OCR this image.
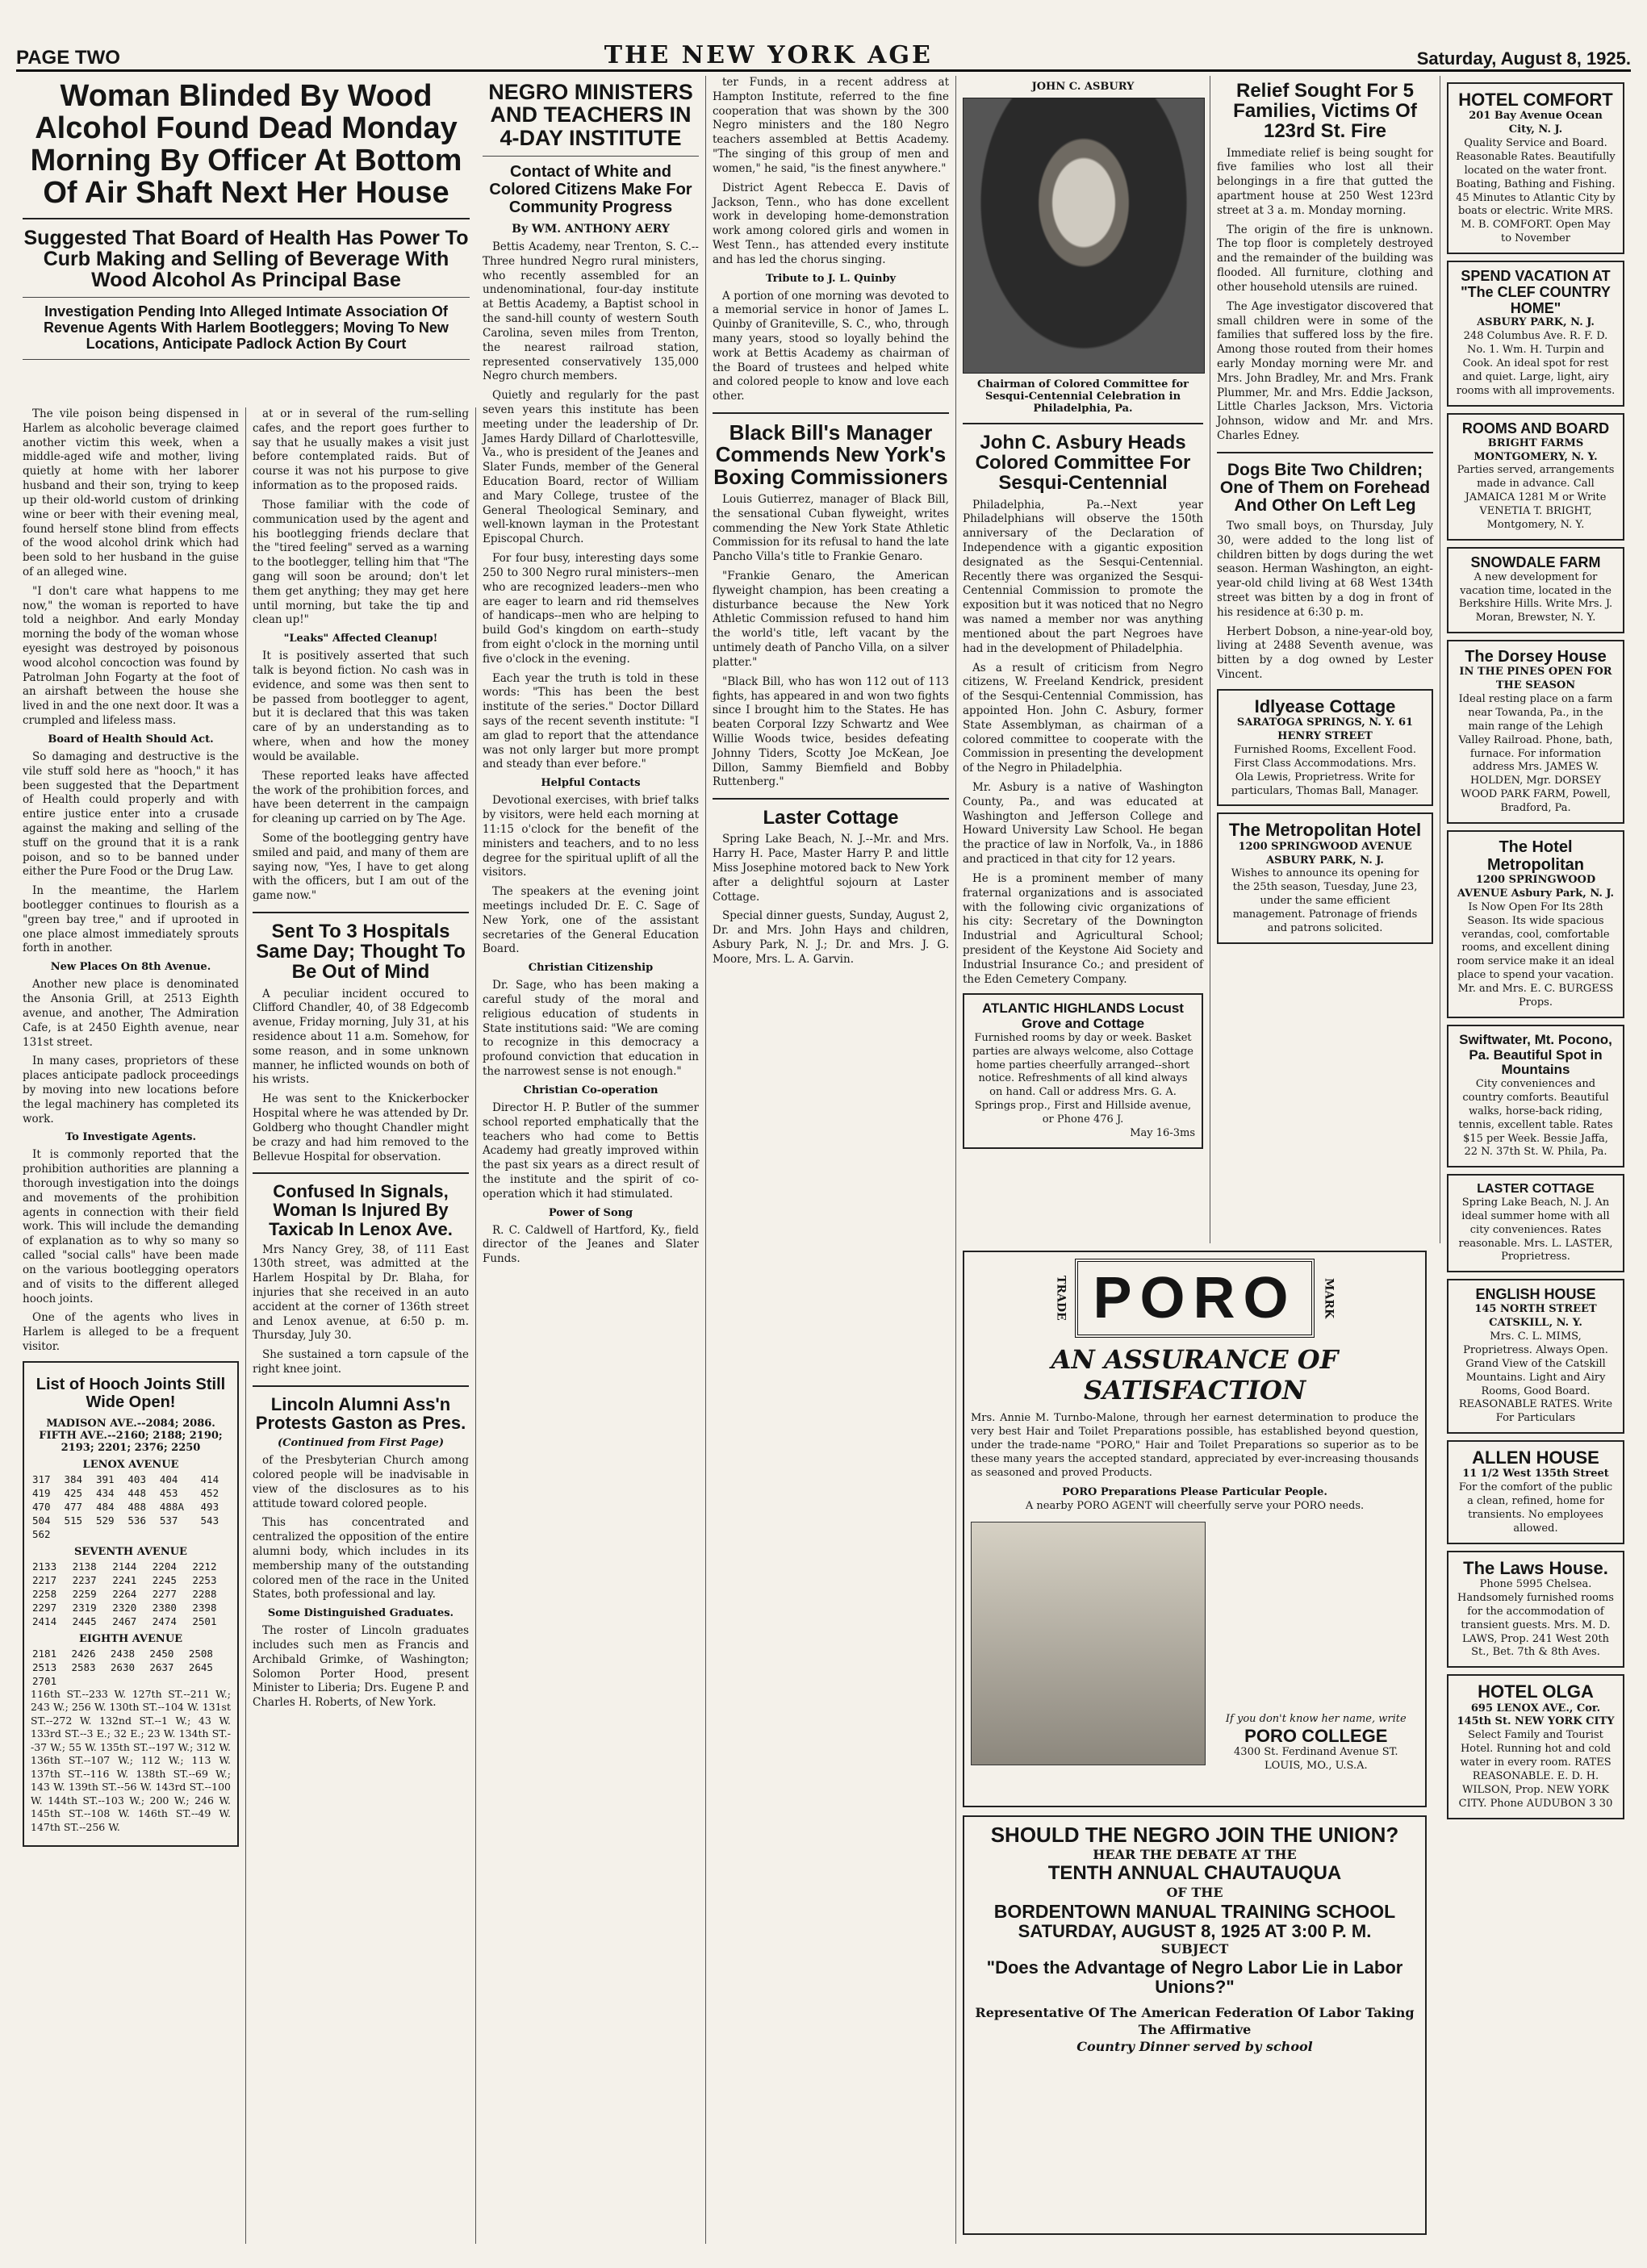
PAGE TWO	THE NEW YORK AGE	Saturday, August 8, 1925.
Woman Blinded By Wood Alcohol Found Dead Monday Morning By Officer At Bottom Of Air Shaft Next Her House
Suggested That Board of Health Has Power To Curb Making and Selling of Beverage With Wood Alcohol As Principal Base
Investigation Pending Into Alleged Intimate Association Of Revenue Agents With Harlem Bootleggers; Moving To New Locations, Anticipate Padlock Action By Court

The vile poison being dispensed in Harlem as alcoholic beverage claimed another victim this week, when a middle-aged wife and mother, living quietly at home with her laborer husband and their son, trying to keep up their old-world custom of drinking wine or beer with their evening meal, found herself stone blind from effects of the wood alcohol drink which had been sold to her husband in the guise of an alleged wine.

"I don't care what happens to me now," the woman is reported to have told a neighbor. And early Monday morning the body of the woman whose eyesight was destroyed by poisonous wood alcohol concoction was found by Patrolman John Fogarty at the foot of an airshaft between the house she lived in and the one next door. It was a crumpled and lifeless mass.

Board of Health Should Act.

So damaging and destructive is the vile stuff sold here as "hooch," it has been suggested that the Department of Health could properly and with entire justice enter into a crusade against the making and selling of the stuff on the ground that it is a rank poison, and so to be banned under either the Pure Food or the Drug Law.

In the meantime, the Harlem bootlegger continues to flourish as a "green bay tree," and if uprooted in one place almost immediately sprouts forth in another.

New Places On 8th Avenue.

Another new place is denominated the Ansonia Grill, at 2513 Eighth avenue, and another, The Admiration Cafe, is at 2450 Eighth avenue, near 131st street.

In many cases, proprietors of these places anticipate padlock proceedings by moving into new locations before the legal machinery has completed its work.

To Investigate Agents.

It is commonly reported that the prohibition authorities are planning a thorough investigation into the doings and movements of the prohibition agents in connection with their field work. This will include the demanding of explanation as to why so many so called "social calls" have been made on the various bootlegging operators and of visits to the different alleged hooch joints.

One of the agents who lives in Harlem is alleged to be a frequent visitor.

List of Hooch Joints Still Wide Open!
MADISON AVE.--2084; 2086. FIFTH AVE.--2160; 2188; 2190; 2193; 2201; 2376; 2250
LENOX AVENUE
317	384	391	403	404	414
419	425	434	448	453	452
470	477	484	488	488A	493
504	515	529	536	537	543
562					
SEVENTH AVENUE
2133	2138	2144	2204	2212
2217	2237	2241	2245	2253
2258	2259	2264	2277	2288
2297	2319	2320	2380	2398
2414	2445	2467	2474	2501
EIGHTH AVENUE
2181	2426	2438	2450	2508	
2513	2583	2630	2637	2645	
2701					

116th ST.--233 W. 127th ST.--211 W.; 243 W.; 256 W. 130th ST.--104 W. 131st ST.--272 W. 132nd ST.--1 W.; 43 W. 133rd ST.--3 E.; 32 E.; 23 W. 134th ST.--37 W.; 55 W. 135th ST.--197 W.; 312 W. 136th ST.--107 W.; 112 W.; 113 W. 137th ST.--116 W. 138th ST.--69 W.; 143 W. 139th ST.--56 W. 143rd ST.--100 W. 144th ST.--103 W.; 200 W.; 246 W. 145th ST.--108 W. 146th ST.--49 W. 147th ST.--256 W.

at or in several of the rum-selling cafes, and the report goes further to say that he usually makes a visit just before contemplated raids. But of course it was not his purpose to give information as to the proposed raids.

Those familiar with the code of communication used by the agent and his bootlegging friends declare that the "tired feeling" served as a warning to the bootlegger, telling him that "The gang will soon be around; don't let them get anything; they may get here until morning, but take the tip and clean up!"

"Leaks" Affected Cleanup!

It is positively asserted that such talk is beyond fiction. No cash was in evidence, and some was then sent to be passed from bootlegger to agent, but it is declared that this was taken care of by an understanding as to where, when and how the money would be available.

These reported leaks have affected the work of the prohibition forces, and have been deterrent in the campaign for cleaning up carried on by The Age.

Some of the bootlegging gentry have smiled and paid, and many of them are saying now, "Yes, I have to get along with the officers, but I am out of the game now."

Sent To 3 Hospitals Same Day; Thought To Be Out of Mind

A peculiar incident occured to Clifford Chandler, 40, of 38 Edgecomb avenue, Friday morning, July 31, at his residence about 11 a.m. Somehow, for some reason, and in some unknown manner, he inflicted wounds on both of his wrists.

He was sent to the Knickerbocker Hospital where he was attended by Dr. Goldberg who thought Chandler might be crazy and had him removed to the Bellevue Hospital for observation.

Confused In Signals, Woman Is Injured By Taxicab In Lenox Ave.

Mrs Nancy Grey, 38, of 111 East 130th street, was admitted at the Harlem Hospital by Dr. Blaha, for injuries that she received in an auto accident at the corner of 136th street and Lenox avenue, at 6:50 p. m. Thursday, July 30.

She sustained a torn capsule of the right knee joint.

Lincoln Alumni Ass'n Protests Gaston as Pres.
(Continued from First Page)

of the Presbyterian Church among colored people will be inadvisable in view of the disclosures as to his attitude toward colored people.

This has concentrated and centralized the opposition of the entire alumni body, which includes in its membership many of the outstanding colored men of the race in the United States, both professional and lay.

Some Distinguished Graduates.

The roster of Lincoln graduates includes such men as Francis and Archibald Grimke, of Washington; Solomon Porter Hood, present Minister to Liberia; Drs. Eugene P. and Charles H. Roberts, of New York.

NEGRO MINISTERS AND TEACHERS IN 4-DAY INSTITUTE
Contact of White and Colored Citizens Make For Community Progress
By WM. ANTHONY AERY

Bettis Academy, near Trenton, S. C.--Three hundred Negro rural ministers, who recently assembled for an undenominational, four-day institute at Bettis Academy, a Baptist school in the sand-hill county of western South Carolina, seven miles from Trenton, the nearest railroad station, represented conservatively 135,000 Negro church members.

Quietly and regularly for the past seven years this institute has been meeting under the leadership of Dr. James Hardy Dillard of Charlottesville, Va., who is president of the Jeanes and Slater Funds, member of the General Education Board, rector of William and Mary College, trustee of the General Theological Seminary, and well-known layman in the Protestant Episcopal Church.

For four busy, interesting days some 250 to 300 Negro rural ministers--men who are recognized leaders--men who are eager to learn and rid themselves of handicaps--men who are helping to build God's kingdom on earth--study from eight o'clock in the morning until five o'clock in the evening.

Each year the truth is told in these words: "This has been the best institute of the series." Doctor Dillard says of the recent seventh institute: "I am glad to report that the attendance was not only larger but more prompt and steady than ever before."

Helpful Contacts

Devotional exercises, with brief talks by visitors, were held each morning at 11:15 o'clock for the benefit of the ministers and teachers, and to no less degree for the spiritual uplift of all the visitors.

The speakers at the evening joint meetings included Dr. E. C. Sage of New York, one of the assistant secretaries of the General Education Board.

Christian Citizenship

Dr. Sage, who has been making a careful study of the moral and religious education of students in State institutions said: "We are coming to recognize in this democracy a profound conviction that education in the narrowest sense is not enough."

Christian Co-operation

Director H. P. Butler of the summer school reported emphatically that the teachers who had come to Bettis Academy had greatly improved within the past six years as a direct result of the institute and the spirit of co-operation which it had stimulated.

Power of Song

R. C. Caldwell of Hartford, Ky., field director of the Jeanes and Slater Funds.

ter Funds, in a recent address at Hampton Institute, referred to the fine cooperation that was shown by the 300 Negro ministers and the 180 Negro teachers assembled at Bettis Academy. "The singing of this group of men and women," he said, "is the finest anywhere."

District Agent Rebecca E. Davis of Jackson, Tenn., who has done excellent work in developing home-demonstration work among colored girls and women in West Tenn., has attended every institute and has led the chorus singing.

Tribute to J. L. Quinby

A portion of one morning was devoted to a memorial service in honor of James L. Quinby of Graniteville, S. C., who, through many years, stood so loyally behind the work at Bettis Academy as chairman of the Board of trustees and helped white and colored people to know and love each other.

Black Bill's Manager Commends New York's Boxing Commissioners

Louis Gutierrez, manager of Black Bill, the sensational Cuban flyweight, writes commending the New York State Athletic Commission for its refusal to hand the late Pancho Villa's title to Frankie Genaro.

"Frankie Genaro, the American flyweight champion, has been creating a disturbance because the New York Athletic Commission refused to hand him the world's title, left vacant by the untimely death of Pancho Villa, on a silver platter."

"Black Bill, who has won 112 out of 113 fights, has appeared in and won two fights since I brought him to the States. He has beaten Corporal Izzy Schwartz and Wee Willie Woods twice, besides defeating Johnny Tiders, Scotty Joe McKean, Joe Dillon, Sammy Biemfield and Bobby Ruttenberg."

Laster Cottage

Spring Lake Beach, N. J.--Mr. and Mrs. Harry H. Pace, Master Harry P. and little Miss Josephine motored back to New York after a delightful sojourn at Laster Cottage.

Special dinner guests, Sunday, August 2, Dr. and Mrs. John Hays and children, Asbury Park, N. J.; Dr. and Mrs. J. G. Moore, Mrs. L. A. Garvin.

JOHN C. ASBURY
Chairman of Colored Committee for Sesqui-Centennial Celebration in Philadelphia, Pa.
John C. Asbury Heads Colored Committee For Sesqui-Centennial

Philadelphia, Pa.--Next year Philadelphians will observe the 150th anniversary of the Declaration of Independence with a gigantic exposition designated as the Sesqui-Centennial. Recently there was organized the Sesqui-Centennial Commission to promote the exposition but it was noticed that no Negro was named a member nor was anything mentioned about the part Negroes have had in the development of Philadelphia.

As a result of criticism from Negro citizens, W. Freeland Kendrick, president of the Sesqui-Centennial Commission, has appointed Hon. John C. Asbury, former State Assemblyman, as chairman of a colored committee to cooperate with the Commission in presenting the development of the Negro in Philadelphia.

Mr. Asbury is a native of Washington County, Pa., and was educated at Washington and Jefferson College and Howard University Law School. He began the practice of law in Norfolk, Va., in 1886 and practiced in that city for 12 years.

He is a prominent member of many fraternal organizations and is associated with the following civic organizations of his city: Secretary of the Downington Industrial and Agricultural School; president of the Keystone Aid Society and Industrial Insurance Co.; and president of the Eden Cemetery Company.

ATLANTIC HIGHLANDS Locust Grove and Cottage
Furnished rooms by day or week. Basket parties are always welcome, also Cottage home parties cheerfully arranged--short notice. Refreshments of all kind always on hand. Call or address Mrs. G. A. Springs prop., First and Hillside avenue, or Phone 476 J.
May 16-3ms
Relief Sought For 5 Families, Victims Of 123rd St. Fire

Immediate relief is being sought for five families who lost all their belongings in a fire that gutted the apartment house at 250 West 123rd street at 3 a. m. Monday morning.

The origin of the fire is unknown. The top floor is completely destroyed and the remainder of the building was flooded. All furniture, clothing and other household utensils are ruined.

The Age investigator discovered that small children were in some of the families that suffered loss by the fire. Among those routed from their homes early Monday morning were Mr. and Mrs. John Bradley, Mr. and Mrs. Frank Plummer, Mr. and Mrs. Eddie Jackson, Little Charles Jackson, Mrs. Victoria Johnson, widow and Mr. and Mrs. Charles Edney.

Dogs Bite Two Children; One of Them on Forehead And Other On Left Leg

Two small boys, on Thursday, July 30, were added to the long list of children bitten by dogs during the wet season. Herman Washington, an eight-year-old child living at 68 West 134th street was bitten by a dog in front of his residence at 6:30 p. m.

Herbert Dobson, a nine-year-old boy, living at 2488 Seventh avenue, was bitten by a dog owned by Lester Vincent.

Idlyease Cottage
SARATOGA SPRINGS, N. Y. 61 HENRY STREET
Furnished Rooms, Excellent Food. First Class Accommodations. Mrs. Ola Lewis, Proprietress. Write for particulars, Thomas Ball, Manager.
The Metropolitan Hotel
1200 SPRINGWOOD AVENUE ASBURY PARK, N. J.
Wishes to announce its opening for the 25th season, Tuesday, June 23, under the same efficient management. Patronage of friends and patrons solicited.
TRADE PORO	MARK
AN ASSURANCE OF SATISFACTION
Mrs. Annie M. Turnbo-Malone, through her earnest determination to produce the very best Hair and Toilet Preparations possible, has established beyond question, under the trade-name "PORO," Hair and Toilet Preparations so superior as to be these many years the accepted standard, appreciated by ever-increasing thousands as seasoned and proved Products.
PORO Preparations Please Particular People.
A nearby PORO AGENT will cheerfully serve your PORO needs.
If you don't know her name, write
PORO COLLEGE
4300 St. Ferdinand Avenue ST. LOUIS, MO., U.S.A.
SHOULD THE NEGRO JOIN THE UNION?
HEAR THE DEBATE AT THE
TENTH ANNUAL CHAUTAUQUA
OF THE
BORDENTOWN MANUAL TRAINING SCHOOL
SATURDAY, AUGUST 8, 1925 AT 3:00 P. M.
SUBJECT
"Does the Advantage of Negro Labor Lie in Labor Unions?"
Representative Of The American Federation Of Labor Taking The Affirmative
Country Dinner served by school
HOTEL COMFORT
201 Bay Avenue Ocean City, N. J.
Quality Service and Board. Reasonable Rates. Beautifully located on the water front. Boating, Bathing and Fishing. 45 Minutes to Atlantic City by boats or electric. Write MRS. M. B. COMFORT. Open May to November
SPEND VACATION AT "The CLEF COUNTRY HOME"
ASBURY PARK, N. J.
248 Columbus Ave. R. F. D. No. 1. Wm. H. Turpin and Cook. An ideal spot for rest and quiet. Large, light, airy rooms with all improvements.
ROOMS AND BOARD
BRIGHT FARMS MONTGOMERY, N. Y.
Parties served, arrangements made in advance. Call JAMAICA 1281 M or Write VENETIA T. BRIGHT, Montgomery, N. Y.
SNOWDALE FARM
A new development for vacation time, located in the Berkshire Hills. Write Mrs. J. Moran, Brewster, N. Y.
The Dorsey House
IN THE PINES OPEN FOR THE SEASON
Ideal resting place on a farm near Towanda, Pa., in the main range of the Lehigh Valley Railroad. Phone, bath, furnace. For information address Mrs. JAMES W. HOLDEN, Mgr. DORSEY WOOD PARK FARM, Powell, Bradford, Pa.
The Hotel Metropolitan
1200 SPRINGWOOD AVENUE Asbury Park, N. J.
Is Now Open For Its 28th Season. Its wide spacious verandas, cool, comfortable rooms, and excellent dining room service make it an ideal place to spend your vacation. Mr. and Mrs. E. C. BURGESS Props.
Swiftwater, Mt. Pocono, Pa. Beautiful Spot in Mountains
City conveniences and country comforts. Beautiful walks, horse-back riding, tennis, excellent table. Rates $15 per Week. Bessie Jaffa, 22 N. 37th St. W. Phila, Pa.
LASTER COTTAGE
Spring Lake Beach, N. J. An ideal summer home with all city conveniences. Rates reasonable. Mrs. L. LASTER, Proprietress.
ENGLISH HOUSE
145 NORTH STREET CATSKILL, N. Y.
Mrs. C. L. MIMS, Proprietress. Always Open. Grand View of the Catskill Mountains. Light and Airy Rooms, Good Board. REASONABLE RATES. Write For Particulars
ALLEN HOUSE
11 1/2 West 135th Street
For the comfort of the public a clean, refined, home for transients. No employees allowed.
The Laws House.
Phone 5995 Chelsea. Handsomely furnished rooms for the accommodation of transient guests. Mrs. M. D. LAWS, Prop. 241 West 20th St., Bet. 7th & 8th Aves.
HOTEL OLGA
695 LENOX AVE., Cor. 145th St. NEW YORK CITY
Select Family and Tourist Hotel. Running hot and cold water in every room. RATES REASONABLE. E. D. H. WILSON, Prop. NEW YORK CITY. Phone AUDUBON 3 30
